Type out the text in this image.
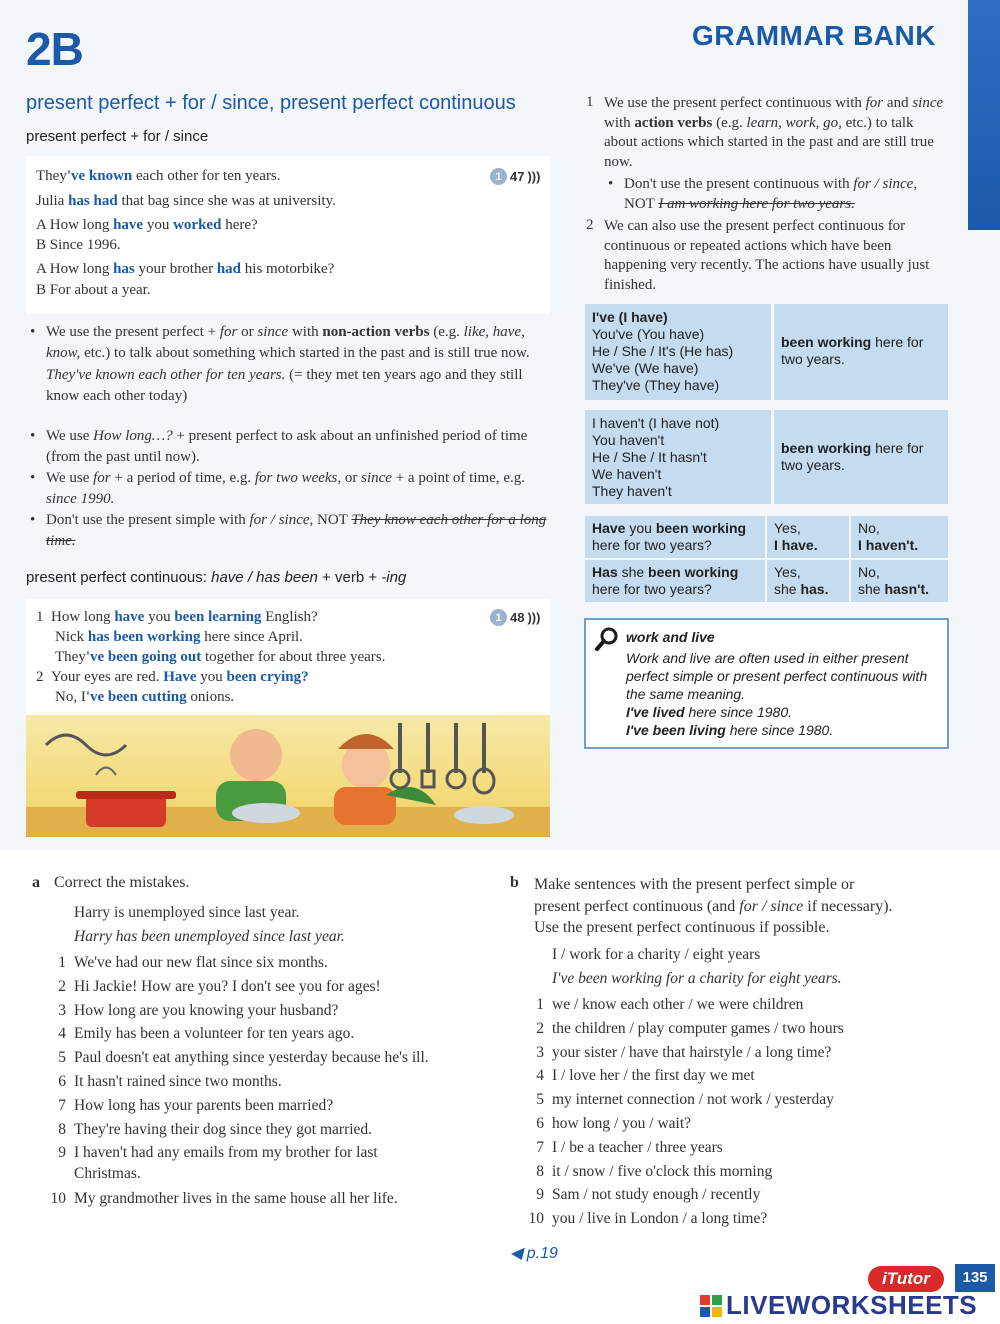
2B	GRAMMAR BANK
present perfect + for / since, present perfect continuous
present perfect + for / since
1 47 )))
They've known each other for ten years.
Julia has had that bag since she was at university.
A How long have you worked here?
B Since 1996.
A How long has your brother had his motorbike?
B For about a year.
• We use the present perfect + for or since with non-action verbs (e.g. like, have, know, etc.) to talk about something which started in the past and is still true now.
They've known each other for ten years. (= they met ten years ago and they still know each other today)
• We use How long…? + present perfect to ask about an unfinished period of time (from the past until now).
• We use for + a period of time, e.g. for two weeks, or since + a point of time, e.g. since 1990.
• Don't use the present simple with for / since, NOT They know each other for a long time.
present perfect continuous: have / has been + verb + -ing
1 48 )))
1 How long have you been learning English?
Nick has been working here since April.
They've been going out together for about three years.
2 Your eyes are red. Have you been crying?
No, I've been cutting onions.
1 We use the present perfect continuous with for and since with action verbs (e.g. learn, work, go, etc.) to talk about actions which started in the past and are still true now.
• Don't use the present continuous with for / since, NOT I am working here for two years.
2 We can also use the present perfect continuous for continuous or repeated actions which have been happening very recently. The actions have usually just finished.
I've (I have)
You've (You have)
He / She / It's (He has)
We've (We have)
They've (They have)
been working here for two years.
I haven't (I have not)
You haven't
He / She / It hasn't
We haven't
They haven't
been working here for two years.
Have you been working here for two years?
Yes,
I have.
No,
I haven't.
Has she been working here for two years?
Yes,
she has.
No,
she hasn't.
work and live
Work and live are often used in either present perfect simple or present perfect continuous with the same meaning.
I've lived here since 1980.
I've been living here since 1980.
a Correct the mistakes.
Harry is unemployed since last year.
Harry has been unemployed since last year.
1 We've had our new flat since six months.
2 Hi Jackie! How are you? I don't see you for ages!
3 How long are you knowing your husband?
4 Emily has been a volunteer for ten years ago.
5 Paul doesn't eat anything since yesterday because he's ill.
6 It hasn't rained since two months.
7 How long has your parents been married?
8 They're having their dog since they got married.
9 I haven't had any emails from my brother for last
Christmas.
10 My grandmother lives in the same house all her life.
b Make sentences with the present perfect simple or
present perfect continuous (and for / since if necessary).
Use the present perfect continuous if possible.
I / work for a charity / eight years
I've been working for a charity for eight years.
1 we / know each other / we were children
2 the children / play computer games / two hours
3 your sister / have that hairstyle / a long time?
4 I / love her / the first day we met
5 my internet connection / not work / yesterday
6 how long / you / wait?
7 I / be a teacher / three years
8 it / snow / five o'clock this morning
9 Sam / not study enough / recently
10 you / live in London / a long time?
◀ p.19
iTutor	135
LIVEWORKSHEETS
